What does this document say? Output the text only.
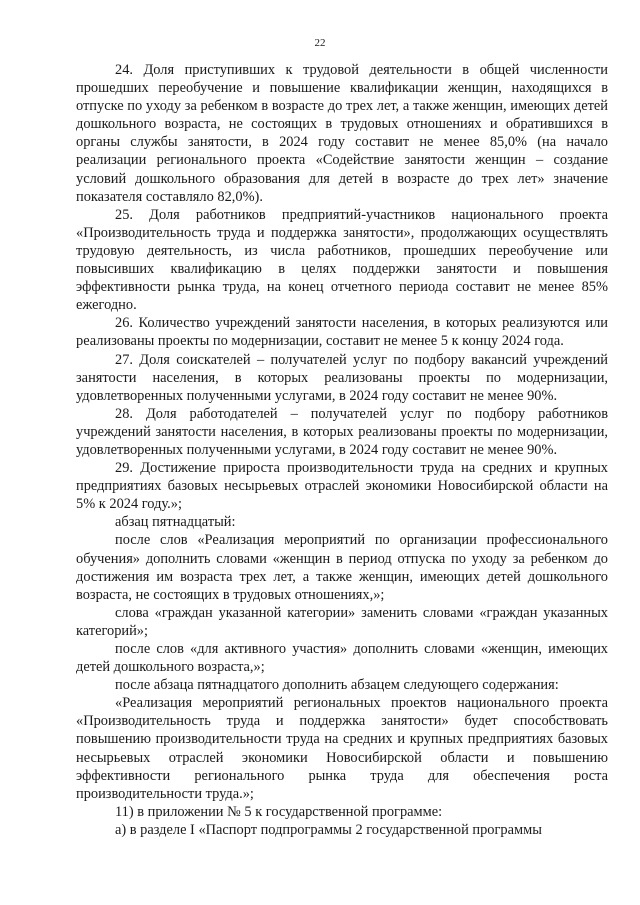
22

24. Доля приступивших к трудовой деятельности в общей численности прошедших переобучение и повышение квалификации женщин, находящихся в отпуске по уходу за ребенком в возрасте до трех лет, а также женщин, имеющих детей дошкольного возраста, не состоящих в трудовых отношениях и обратившихся в органы службы занятости, в 2024 году составит не менее 85,0% (на начало реализации регионального проекта «Содействие занятости женщин – создание условий дошкольного образования для детей в возрасте до трех лет» значение показателя составляло 82,0%).

25. Доля работников предприятий-участников национального проекта «Производительность труда и поддержка занятости», продолжающих осуществлять трудовую деятельность, из числа работников, прошедших переобучение или повысивших квалификацию в целях поддержки занятости и повышения эффективности рынка труда, на конец отчетного периода составит не менее 85% ежегодно.

26. Количество учреждений занятости населения, в которых реализуются или реализованы проекты по модернизации, составит не менее 5 к концу 2024 года.

27. Доля соискателей – получателей услуг по подбору вакансий учреждений занятости населения, в которых реализованы проекты по модернизации, удовлетворенных полученными услугами, в 2024 году составит не менее 90%.

28. Доля работодателей – получателей услуг по подбору работников учреждений занятости населения, в которых реализованы проекты по модернизации, удовлетворенных полученными услугами, в 2024 году составит не менее 90%.

29. Достижение прироста производительности труда на средних и крупных предприятиях базовых несырьевых отраслей экономики Новосибирской области на 5% к 2024 году.»;

абзац пятнадцатый:

после слов «Реализация мероприятий по организации профессионального обучения» дополнить словами «женщин в период отпуска по уходу за ребенком до достижения им возраста трех лет, а также женщин, имеющих детей дошкольного возраста, не состоящих в трудовых отношениях,»;

слова «граждан указанной категории» заменить словами «граждан указанных категорий»;

после слов «для активного участия» дополнить словами «женщин, имеющих детей дошкольного возраста,»;

после абзаца пятнадцатого дополнить абзацем следующего содержания:

«Реализация мероприятий региональных проектов национального проекта «Производительность труда и поддержка занятости» будет способствовать повышению производительности труда на средних и крупных предприятиях базовых несырьевых отраслей экономики Новосибирской области и повышению эффективности регионального рынка труда для обеспечения роста производительности труда.»;

11) в приложении № 5 к государственной программе:

а) в разделе I «Паспорт подпрограммы 2 государственной программы
